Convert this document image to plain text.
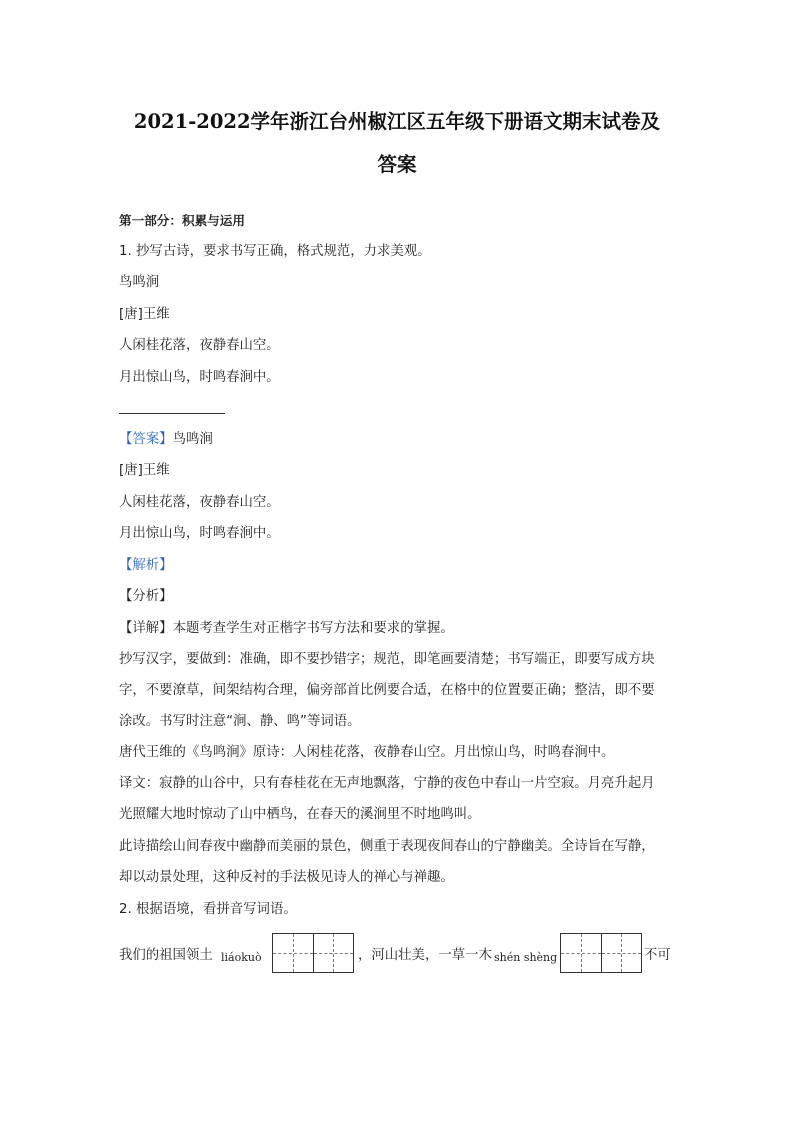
2021-2022学年浙江台州椒江区五年级下册语文期末试卷及
答案
第一部分：积累与运用
1. 抄写古诗，要求书写正确，格式规范，力求美观。
鸟鸣涧
[唐]王维
人闲桂花落，夜静春山空。
月出惊山鸟，时鸣春涧中。
【答案】鸟鸣涧
[唐]王维
人闲桂花落，夜静春山空。
月出惊山鸟，时鸣春涧中。
【解析】
【分析】
【详解】本题考查学生对正楷字书写方法和要求的掌握。
抄写汉字，要做到：准确，即不要抄错字；规范，即笔画要清楚；书写端正，即要写成方块
字，不要潦草，间架结构合理，偏旁部首比例要合适，在格中的位置要正确；整洁，即不要
涂改。书写时注意“涧、静、鸣”等词语。
唐代王维的《鸟鸣涧》原诗：人闲桂花落，夜静春山空。月出惊山鸟，时鸣春涧中。
译文：寂静的山谷中，只有春桂花在无声地飘落，宁静的夜色中春山一片空寂。月亮升起月
光照耀大地时惊动了山中栖鸟，在春天的溪涧里不时地鸣叫。
此诗描绘山间春夜中幽静而美丽的景色，侧重于表现夜间春山的宁静幽美。全诗旨在写静，
却以动景处理，这种反衬的手法极见诗人的禅心与禅趣。
2. 根据语境，看拼音写词语。
我们的祖国领土 liáokuò	，河山壮美，一草一木 shén shèng	不可
